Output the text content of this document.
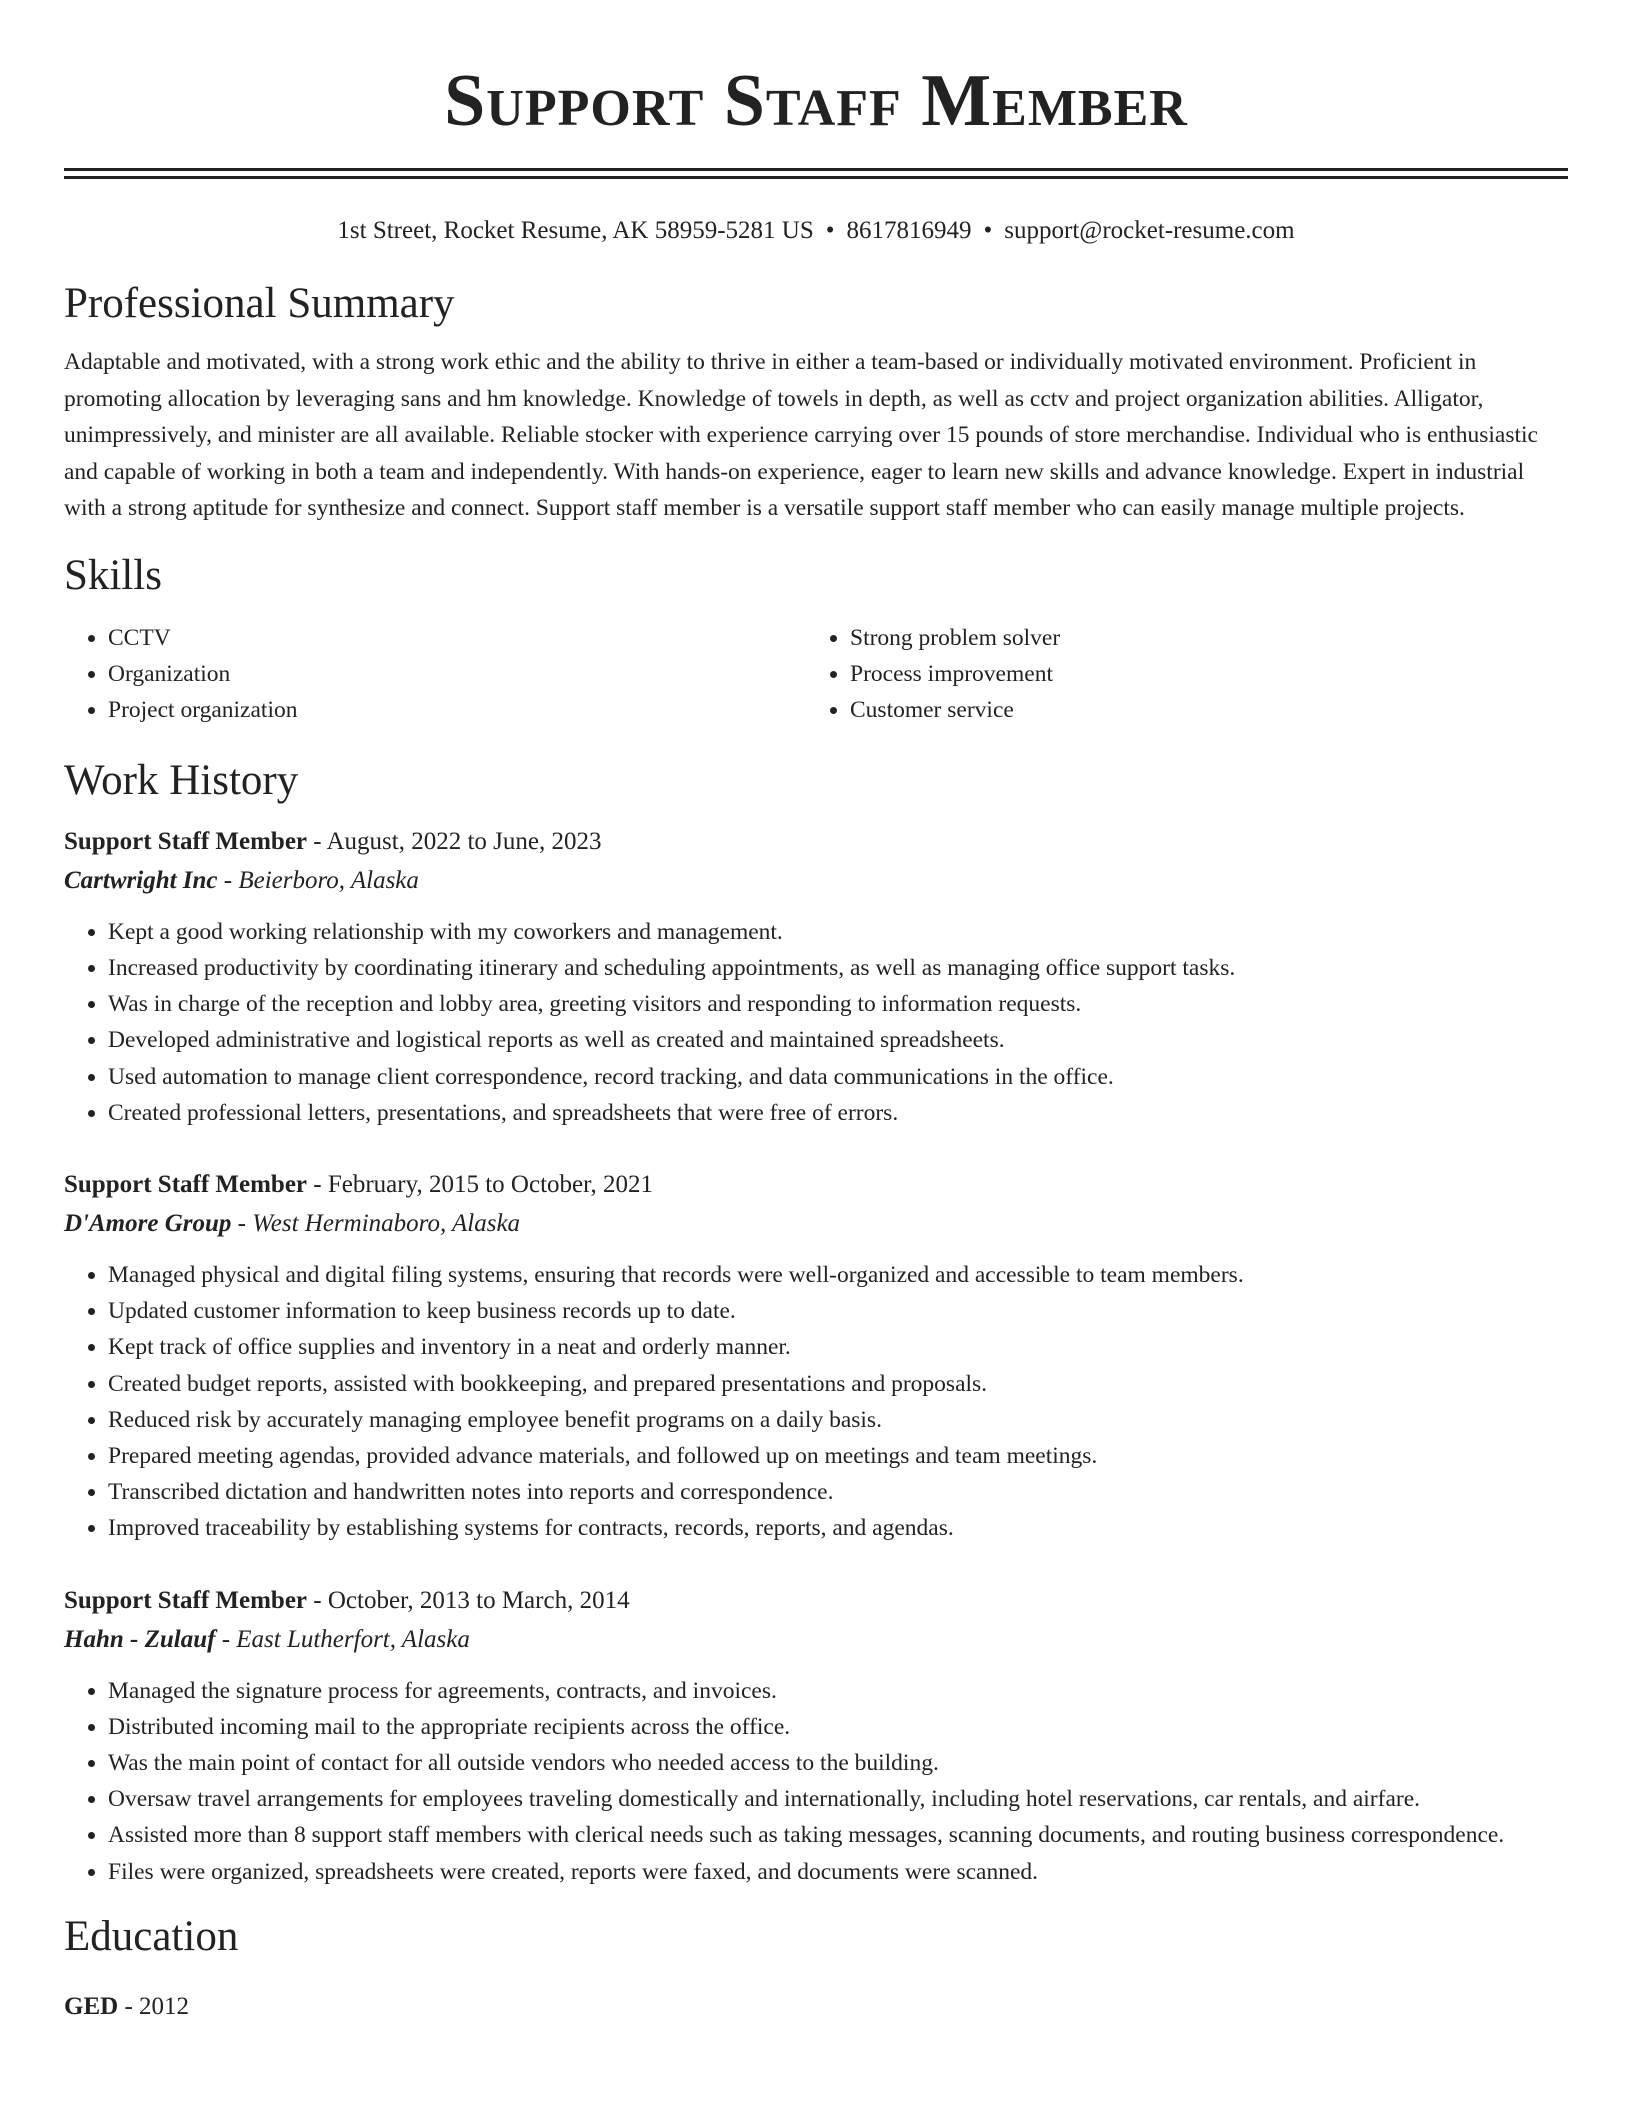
Support Staff Member
1st Street, Rocket Resume, AK 58959-5281 US • 8617816949 • support@rocket-resume.com
Professional Summary

Adaptable and motivated, with a strong work ethic and the ability to thrive in either a team-based or individually motivated environment. Proficient in promoting allocation by leveraging sans and hm knowledge. Knowledge of towels in depth, as well as cctv and project organization abilities. Alligator, unimpressively, and minister are all available. Reliable stocker with experience carrying over 15 pounds of store merchandise. Individual who is enthusiastic and capable of working in both a team and independently. With hands-on experience, eager to learn new skills and advance knowledge. Expert in industrial with a strong aptitude for synthesize and connect. Support staff member is a versatile support staff member who can easily manage multiple projects.

Skills
• CCTV
• Organization
• Project organization
• Strong problem solver
• Process improvement
• Customer service
Work History
Support Staff Member - August, 2022 to June, 2023
Cartwright Inc - Beierboro, Alaska
• Kept a good working relationship with my coworkers and management.
• Increased productivity by coordinating itinerary and scheduling appointments, as well as managing office support tasks.
• Was in charge of the reception and lobby area, greeting visitors and responding to information requests.
• Developed administrative and logistical reports as well as created and maintained spreadsheets.
• Used automation to manage client correspondence, record tracking, and data communications in the office.
• Created professional letters, presentations, and spreadsheets that were free of errors.
Support Staff Member - February, 2015 to October, 2021
D'Amore Group - West Herminaboro, Alaska
• Managed physical and digital filing systems, ensuring that records were well-organized and accessible to team members.
• Updated customer information to keep business records up to date.
• Kept track of office supplies and inventory in a neat and orderly manner.
• Created budget reports, assisted with bookkeeping, and prepared presentations and proposals.
• Reduced risk by accurately managing employee benefit programs on a daily basis.
• Prepared meeting agendas, provided advance materials, and followed up on meetings and team meetings.
• Transcribed dictation and handwritten notes into reports and correspondence.
• Improved traceability by establishing systems for contracts, records, reports, and agendas.
Support Staff Member - October, 2013 to March, 2014
Hahn - Zulauf - East Lutherfort, Alaska
• Managed the signature process for agreements, contracts, and invoices.
• Distributed incoming mail to the appropriate recipients across the office.
• Was the main point of contact for all outside vendors who needed access to the building.
• Oversaw travel arrangements for employees traveling domestically and internationally, including hotel reservations, car rentals, and airfare.
• Assisted more than 8 support staff members with clerical needs such as taking messages, scanning documents, and routing business correspondence.
• Files were organized, spreadsheets were created, reports were faxed, and documents were scanned.
Education
GED - 2012
